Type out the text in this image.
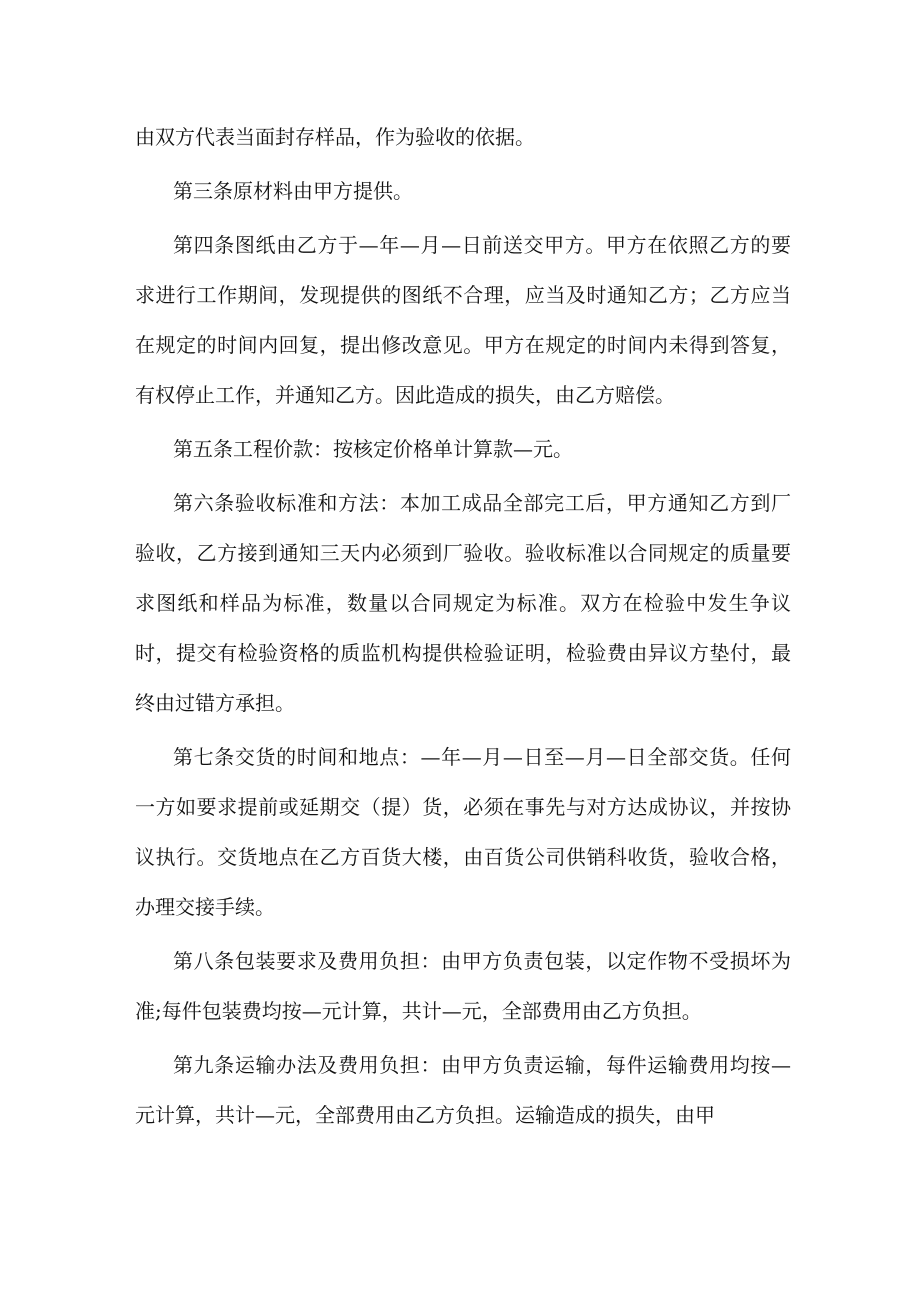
由双方代表当面封存样品，作为验收的依据。

第三条原材料由甲方提供。

第四条图纸由乙方于—年—月—日前送交甲方。甲方在依照乙方的要求进行工作期间，发现提供的图纸不合理，应当及时通知乙方；乙方应当在规定的时间内回复，提出修改意见。甲方在规定的时间内未得到答复，有权停止工作，并通知乙方。因此造成的损失，由乙方赔偿。

第五条工程价款：按核定价格单计算款—元。

第六条验收标准和方法：本加工成品全部完工后，甲方通知乙方到厂验收，乙方接到通知三天内必须到厂验收。验收标准以合同规定的质量要求图纸和样品为标准，数量以合同规定为标准。双方在检验中发生争议时，提交有检验资格的质监机构提供检验证明，检验费由异议方垫付，最终由过错方承担。

第七条交货的时间和地点：—年—月—日至—月—日全部交货。任何一方如要求提前或延期交（提）货，必须在事先与对方达成协议，并按协议执行。交货地点在乙方百货大楼，由百货公司供销科收货，验收合格，办理交接手续。

第八条包装要求及费用负担：由甲方负责包装，以定作物不受损坏为准;每件包装费均按—元计算，共计—元，全部费用由乙方负担。

第九条运输办法及费用负担：由甲方负责运输，每件运输费用均按—元计算，共计—元，全部费用由乙方负担。运输造成的损失，由甲
